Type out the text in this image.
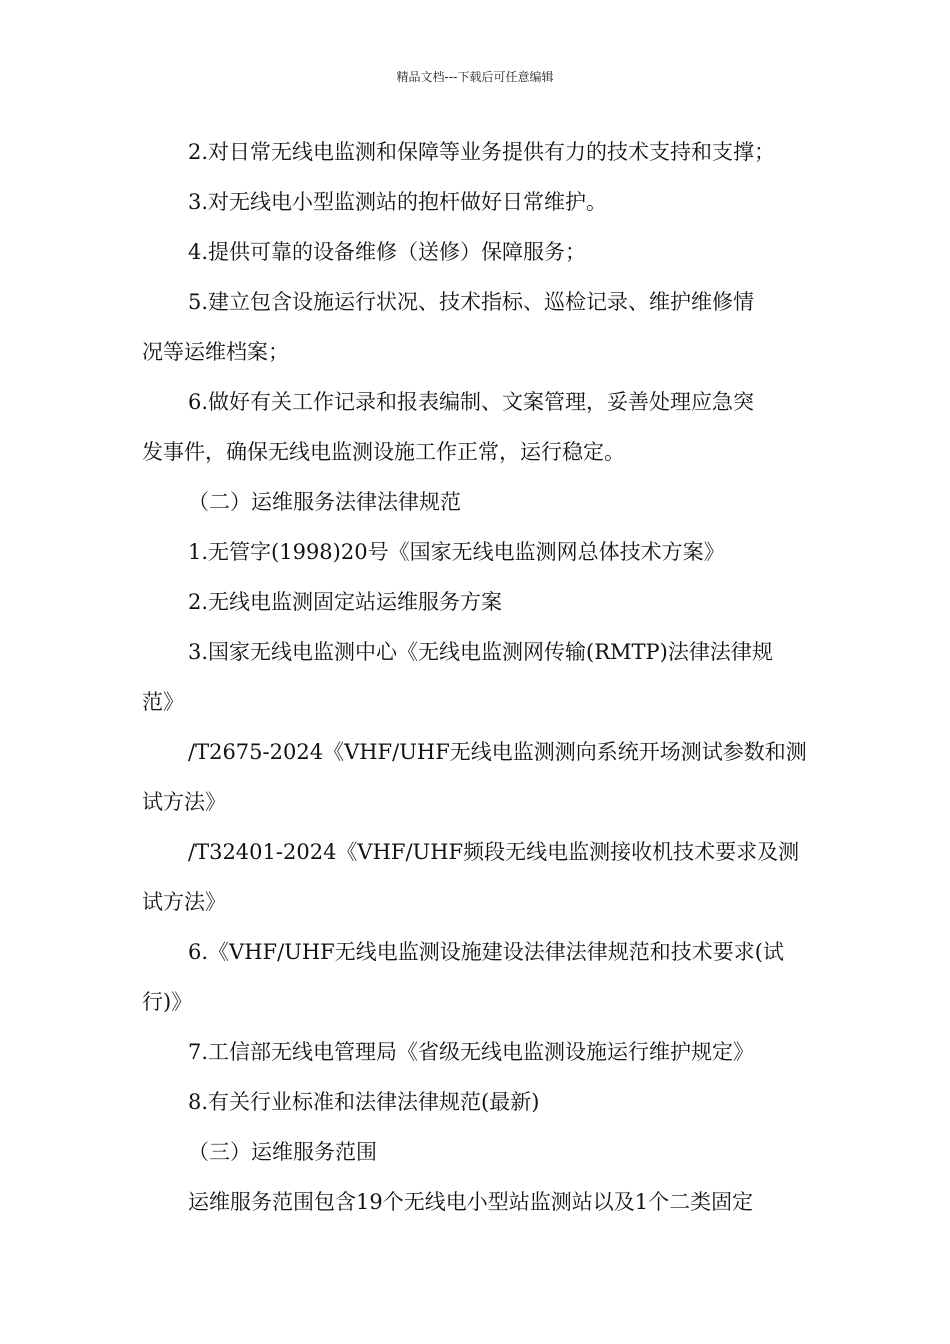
精品文档---下载后可任意编辑
2.对日常无线电监测和保障等业务提供有力的技术支持和支撑；
3.对无线电小型监测站的抱杆做好日常维护。
4.提供可靠的设备维修（送修）保障服务；
5.建立包含设施运行状况、技术指标、巡检记录、维护维修情
况等运维档案；
6.做好有关工作记录和报表编制、文案管理，妥善处理应急突
发事件，确保无线电监测设施工作正常，运行稳定。
（二）运维服务法律法律规范
1.无管字(1998)20号《国家无线电监测网总体技术方案》
2.无线电监测固定站运维服务方案
3.国家无线电监测中心《无线电监测网传输(RMTP)法律法律规
范》
/T2675-2024《VHF/UHF无线电监测测向系统开场测试参数和测
试方法》
/T32401-2024《VHF/UHF频段无线电监测接收机技术要求及测
试方法》
6.《VHF/UHF无线电监测设施建设法律法律规范和技术要求(试
行)》
7.工信部无线电管理局《省级无线电监测设施运行维护规定》
8.有关行业标准和法律法律规范(最新)
（三）运维服务范围
运维服务范围包含19个无线电小型站监测站以及1个二类固定
